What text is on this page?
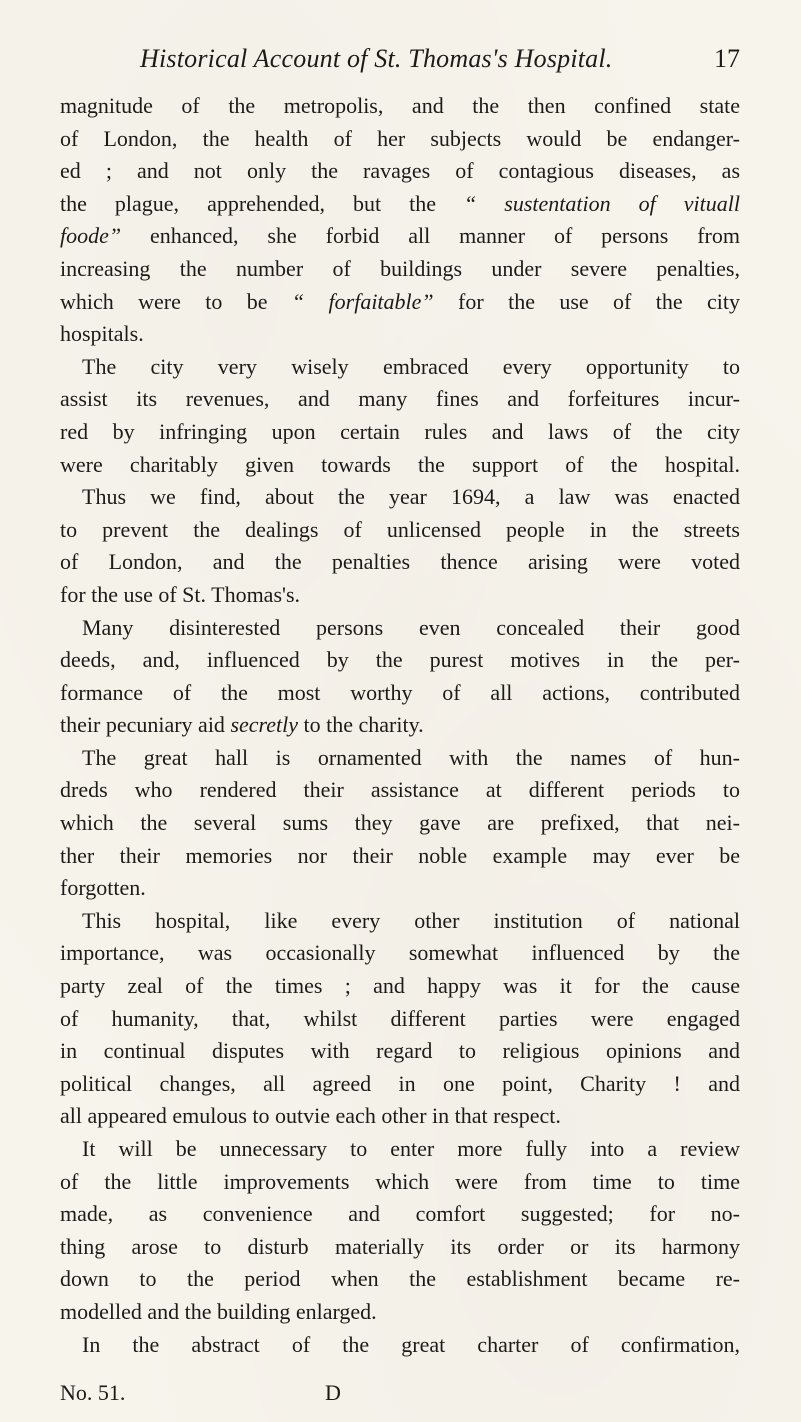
Historical Account of St. Thomas's Hospital.	17
magnitude of the metropolis, and the then confined state
of London, the health of her subjects would be endanger-
ed ; and not only the ravages of contagious diseases, as
the plague, apprehended, but the “ sustentation of vituall
foode” enhanced, she forbid all manner of persons from
increasing the number of buildings under severe penalties,
which were to be “ forfaitable” for the use of the city
hospitals.
The city very wisely embraced every opportunity to
assist its revenues, and many fines and forfeitures incur-
red by infringing upon certain rules and laws of the city
were charitably given towards the support of the hospital.
Thus we find, about the year 1694, a law was enacted
to prevent the dealings of unlicensed people in the streets
of London, and the penalties thence arising were voted
for the use of St. Thomas's.
Many disinterested persons even concealed their good
deeds, and, influenced by the purest motives in the per-
formance of the most worthy of all actions, contributed
their pecuniary aid secretly to the charity.
The great hall is ornamented with the names of hun-
dreds who rendered their assistance at different periods to
which the several sums they gave are prefixed, that nei-
ther their memories nor their noble example may ever be
forgotten.
This hospital, like every other institution of national
importance, was occasionally somewhat influenced by the
party zeal of the times ; and happy was it for the cause
of humanity, that, whilst different parties were engaged
in continual disputes with regard to religious opinions and
political changes, all agreed in one point, Charity ! and
all appeared emulous to outvie each other in that respect.
It will be unnecessary to enter more fully into a review
of the little improvements which were from time to time
made, as convenience and comfort suggested; for no-
thing arose to disturb materially its order or its harmony
down to the period when the establishment became re-
modelled and the building enlarged.
In the abstract of the great charter of confirmation,
No. 51.	D
